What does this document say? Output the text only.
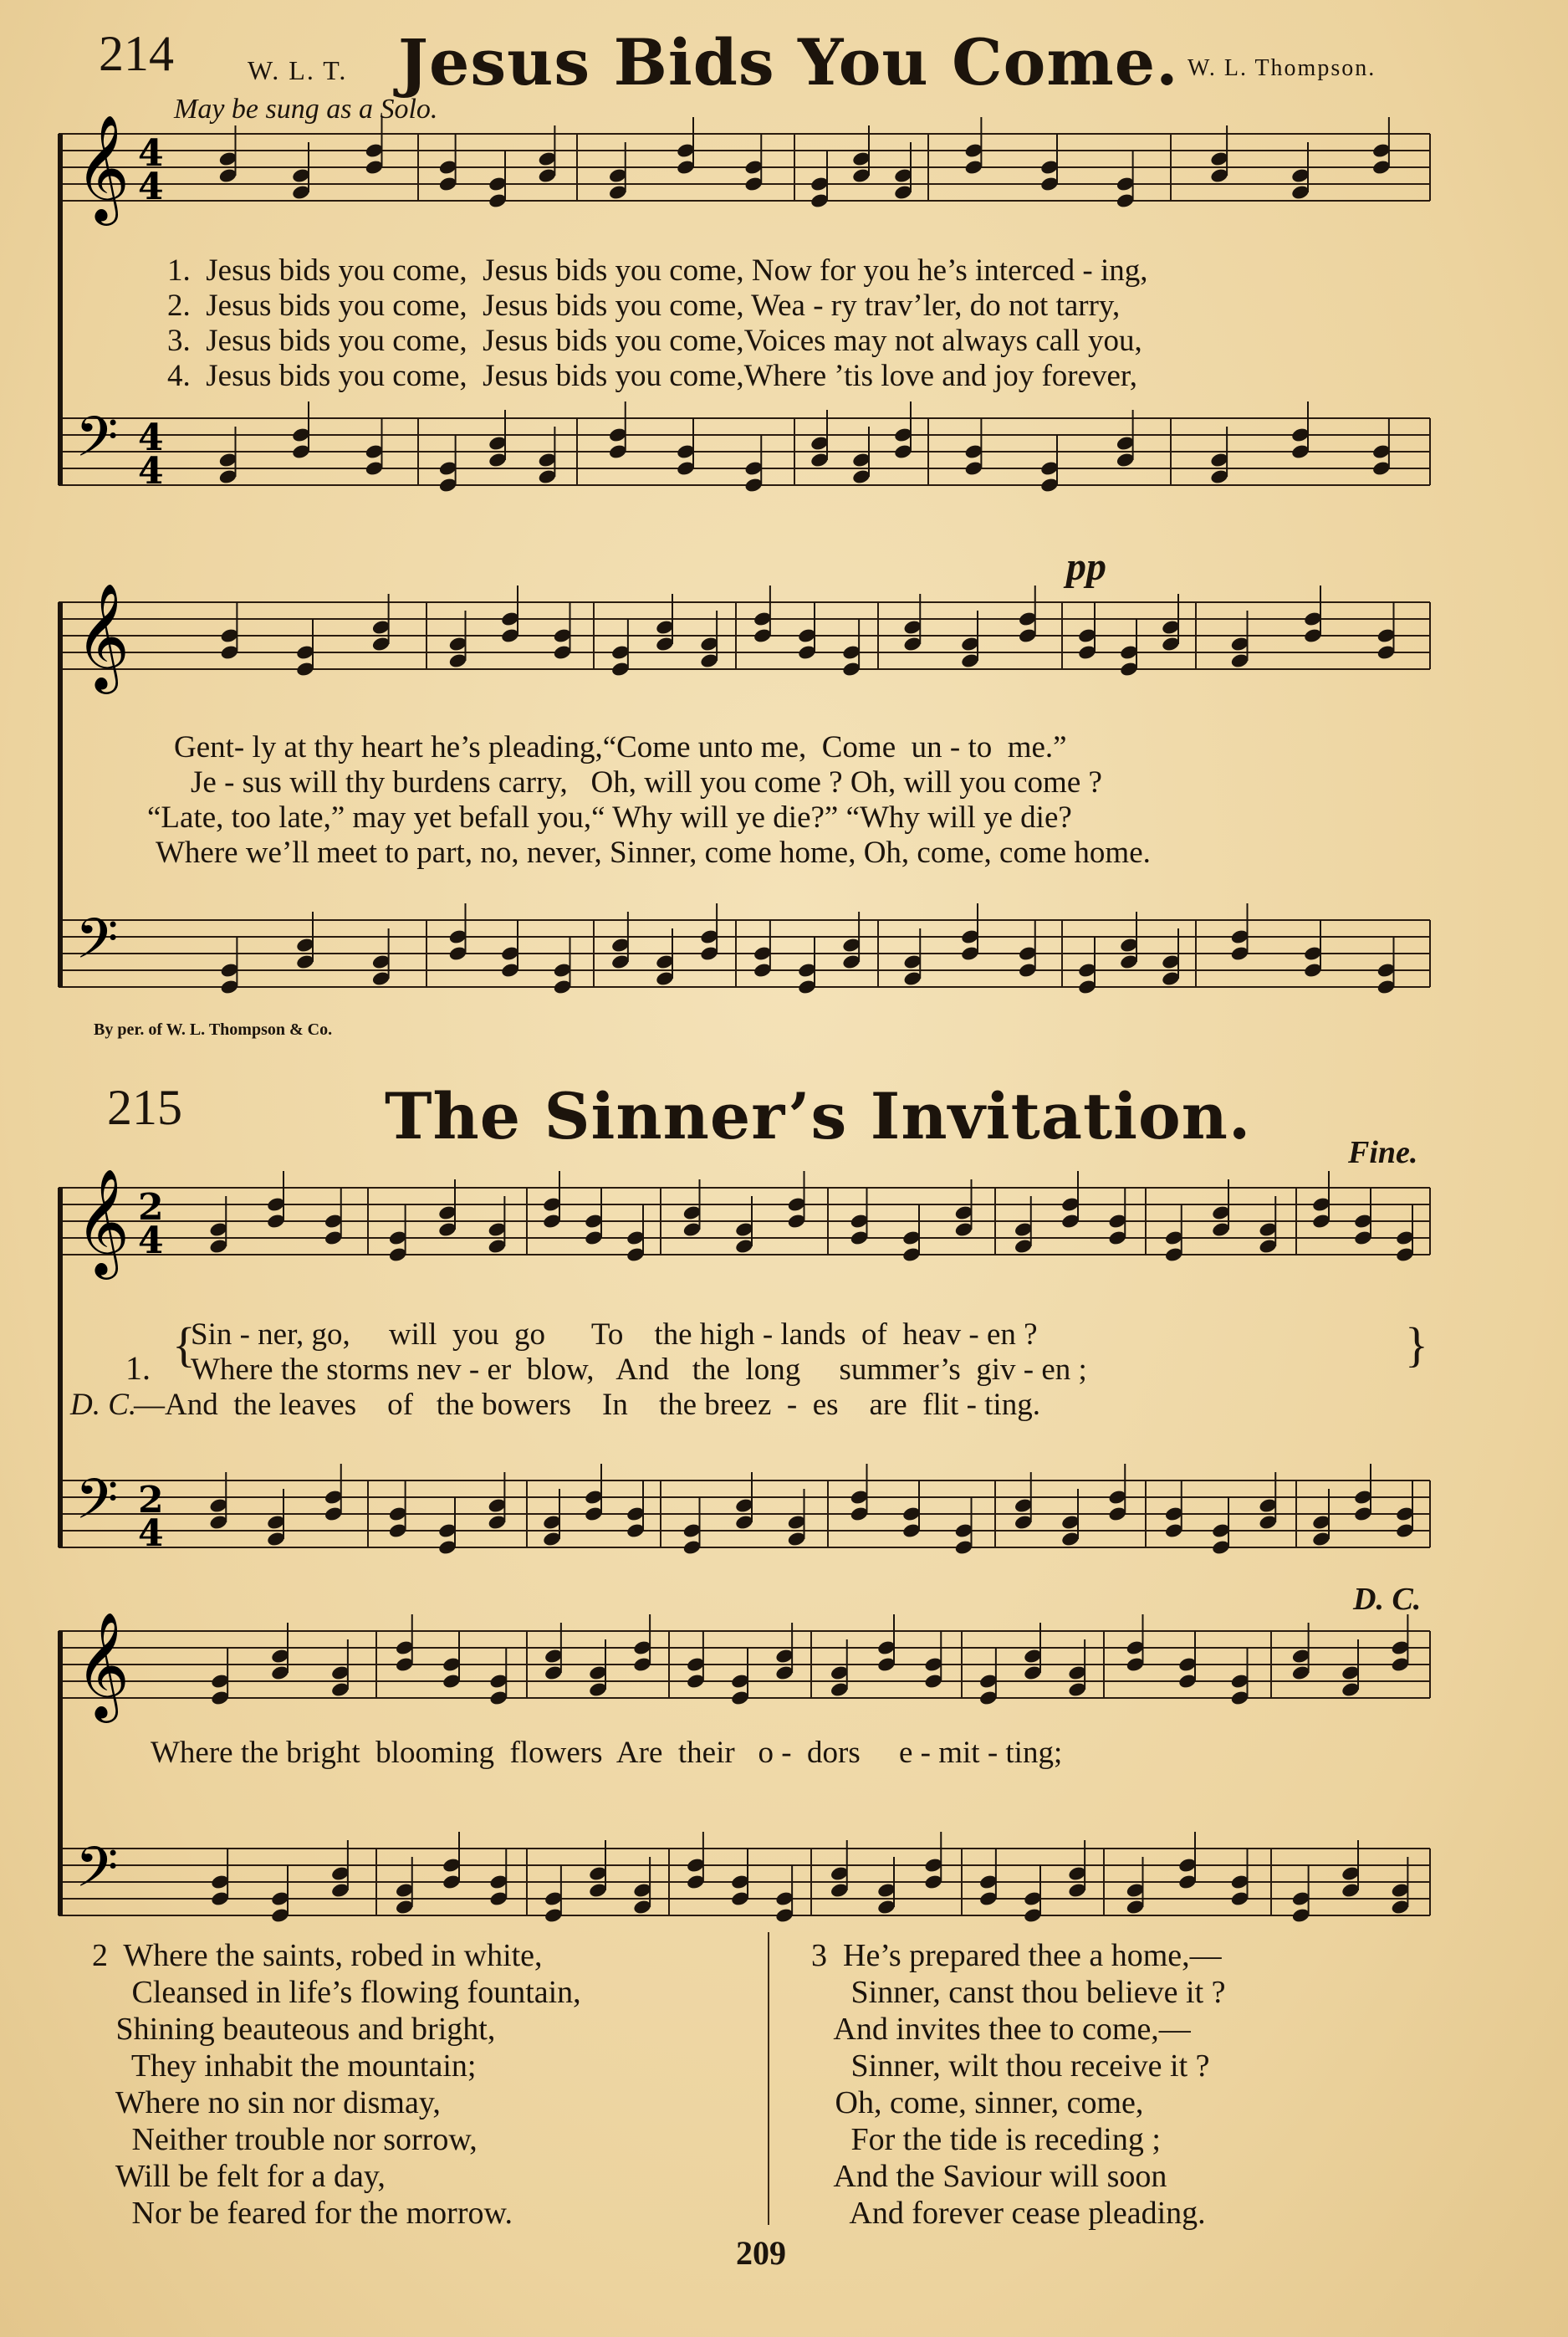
214	W. L. T. Jesus Bids You Come. W. L. Thompson.
May be sung as a Solo.
𝄞
𝄢
4
4
4
4
1.  Jesus bids you come,  Jesus bids you come, Now for you he’s interced - ing,
2.  Jesus bids you come,  Jesus bids you come, Wea - ry trav’ler, do not tarry,
3.  Jesus bids you come,  Jesus bids you come,Voices may not always call you,
4.  Jesus bids you come,  Jesus bids you come,Where ’tis love and joy forever,
pp
𝄞
𝄢
Gent- ly at thy heart he’s pleading,“Come unto me,  Come  un - to  me.”
Je - sus will thy burdens carry,   Oh, will you come ? Oh, will you come ?
“Late, too late,” may yet befall you,“ Why will ye die?” “Why will ye die?
Where we’ll meet to part, no, never, Sinner, come home, Oh, come, come home.
By per. of W. L. Thompson & Co.
215	The Sinner’s Invitation.	Fine.
𝄞
𝄢
2
4
2
4
1. {
Sin - ner, go,     will  you  go      To    the high - lands  of  heav - en ?
Where the storms nev - er  blow,   And   the  long     summer’s  giv - en ;	}
D. C.
—And  the leaves    of   the bowers    In    the breez  -  es    are  flit - ting.
D. C.
𝄞
𝄢
Where the bright  blooming  flowers  Are  their   o -  dors     e - mit - ting;
2  Where the saints, robed in white,
Cleansed in life’s flowing fountain,
Shining beauteous and bright,
They inhabit the mountain;
Where no sin nor dismay,
Neither trouble nor sorrow,
Will be felt for a day,
Nor be feared for the morrow.
3  He’s prepared thee a home,—
Sinner, canst thou believe it ?
And invites thee to come,—
Sinner, wilt thou receive it ?
Oh, come, sinner, come,
For the tide is receding ;
And the Saviour will soon
And forever cease pleading.
209
